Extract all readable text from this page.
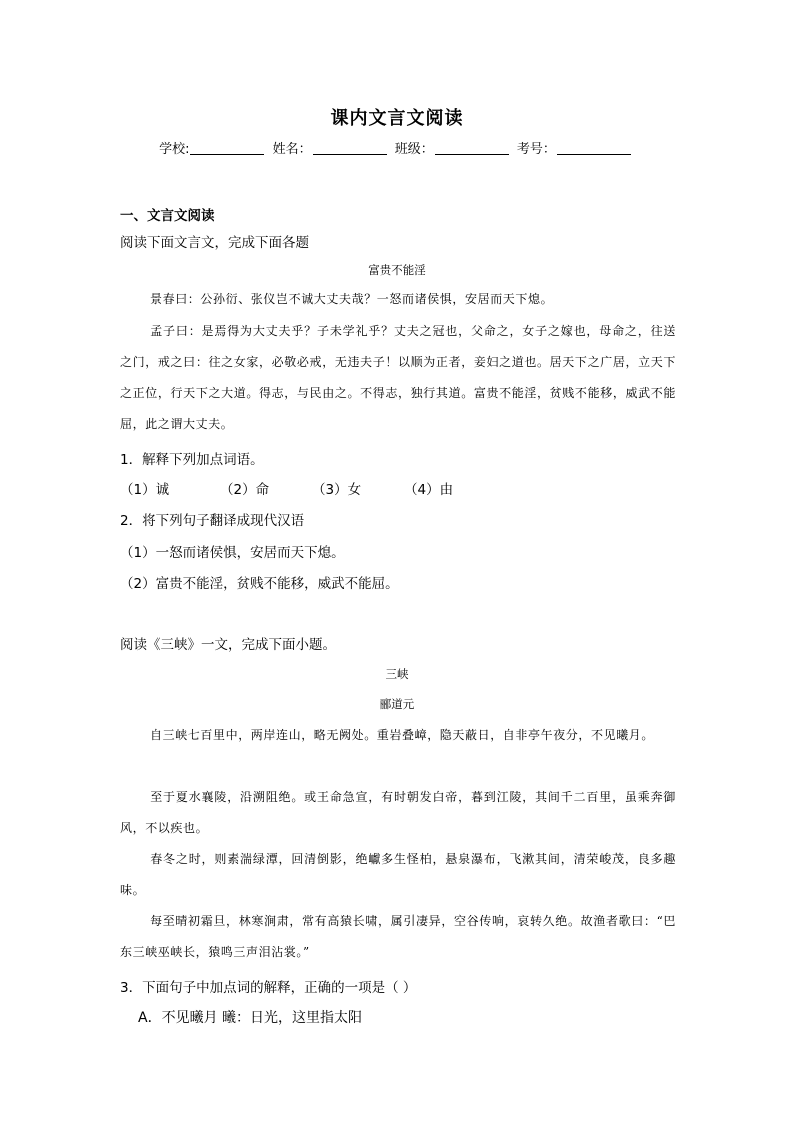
课内文言文阅读
学校:	姓名：	班级：	考号：
一、文言文阅读
阅读下面文言文，完成下面各题
富贵不能淫
景春曰：公孙衍、张仪岂不诚大丈夫哉？一怒而诸侯惧，安居而天下熄。
孟子曰：是焉得为大丈夫乎？子未学礼乎？丈夫之冠也，父命之，女子之嫁也，母命之，往送之门，戒之曰：往之女家，必敬必戒，无违夫子！以顺为正者，妾妇之道也。居天下之广居，立天下之正位，行天下之大道。得志，与民由之。不得志，独行其道。富贵不能淫，贫贱不能移，威武不能屈，此之谓大丈夫。
1．解释下列加点词语。
（1）诚	（2）命	（3）女	（4）由
2．将下列句子翻译成现代汉语
（1）一怒而诸侯惧，安居而天下熄。
（2）富贵不能淫，贫贱不能移，威武不能屈。
阅读《三峡》一文，完成下面小题。
三峡
郦道元
自三峡七百里中，两岸连山，略无阙处。重岩叠嶂，隐天蔽日，自非亭午夜分，不见曦月。
至于夏水襄陵，沿溯阻绝。或王命急宣，有时朝发白帝，暮到江陵，其间千二百里，虽乘奔御风，不以疾也。
春冬之时，则素湍绿潭，回清倒影，绝巘多生怪柏，悬泉瀑布，飞漱其间，清荣峻茂，良多趣味。
每至晴初霜旦，林寒涧肃，常有高猿长啸，属引凄异，空谷传响，哀转久绝。故渔者歌曰：“巴东三峡巫峡长，猿鸣三声泪沾裳。”
3．下面句子中加点词的解释，正确的一项是（ ）
A．不见曦月 曦：日光，这里指太阳
